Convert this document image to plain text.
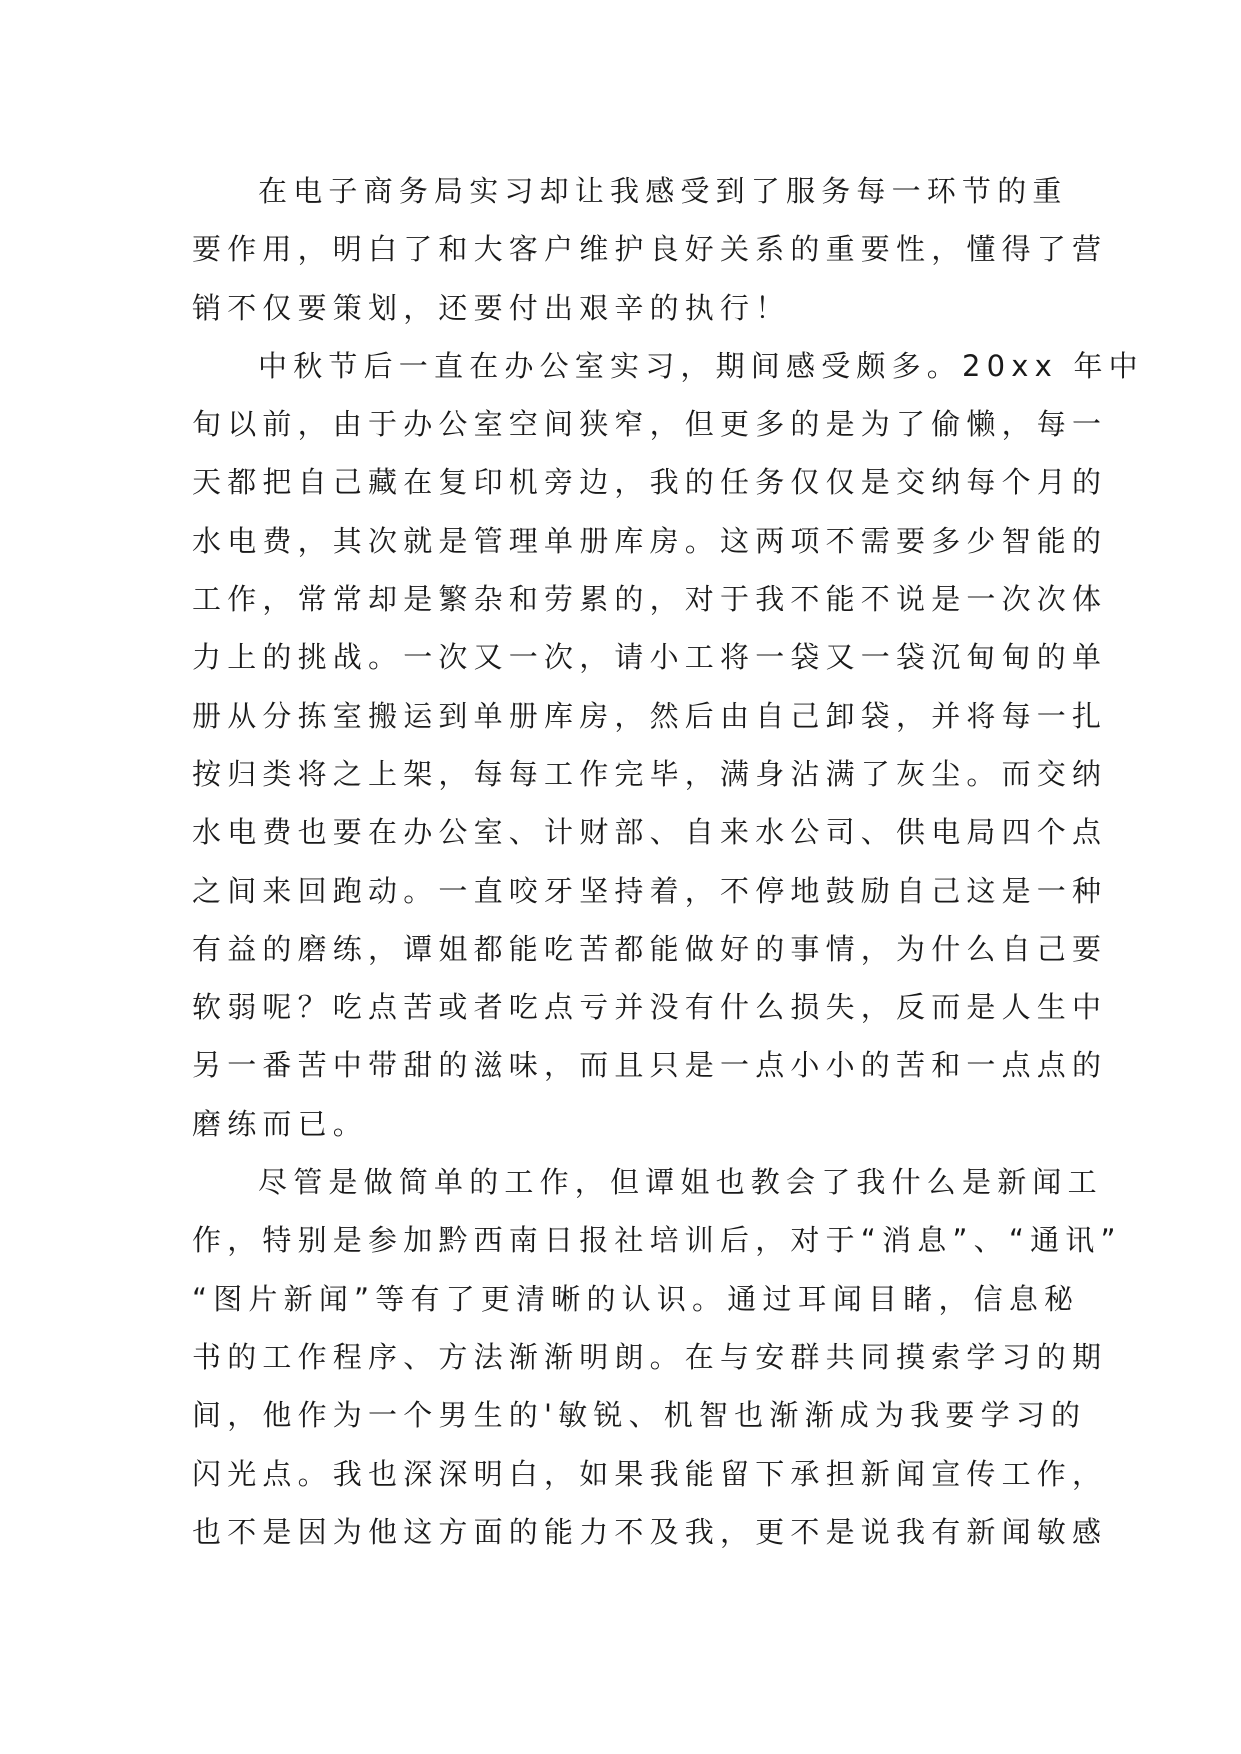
在电子商务局实习却让我感受到了服务每一环节的重
要作用，明白了和大客户维护良好关系的重要性，懂得了营
销不仅要策划，还要付出艰辛的执行！
中秋节后一直在办公室实习，期间感受颇多。20xx 年中
旬以前，由于办公室空间狭窄，但更多的是为了偷懒，每一
天都把自己藏在复印机旁边，我的任务仅仅是交纳每个月的
水电费，其次就是管理单册库房。这两项不需要多少智能的
工作，常常却是繁杂和劳累的，对于我不能不说是一次次体
力上的挑战。一次又一次，请小工将一袋又一袋沉甸甸的单
册从分拣室搬运到单册库房，然后由自己卸袋，并将每一扎
按归类将之上架，每每工作完毕，满身沾满了灰尘。而交纳
水电费也要在办公室、计财部、自来水公司、供电局四个点
之间来回跑动。一直咬牙坚持着，不停地鼓励自己这是一种
有益的磨练，谭姐都能吃苦都能做好的事情，为什么自己要
软弱呢？吃点苦或者吃点亏并没有什么损失，反而是人生中
另一番苦中带甜的滋味，而且只是一点小小的苦和一点点的
磨练而已。
尽管是做简单的工作，但谭姐也教会了我什么是新闻工
作，特别是参加黔西南日报社培训后，对于“消息”、“通讯”
“图片新闻”等有了更清晰的认识。通过耳闻目睹，信息秘
书的工作程序、方法渐渐明朗。在与安群共同摸索学习的期
间，他作为一个男生的'敏锐、机智也渐渐成为我要学习的
闪光点。我也深深明白，如果我能留下承担新闻宣传工作，
也不是因为他这方面的能力不及我，更不是说我有新闻敏感
